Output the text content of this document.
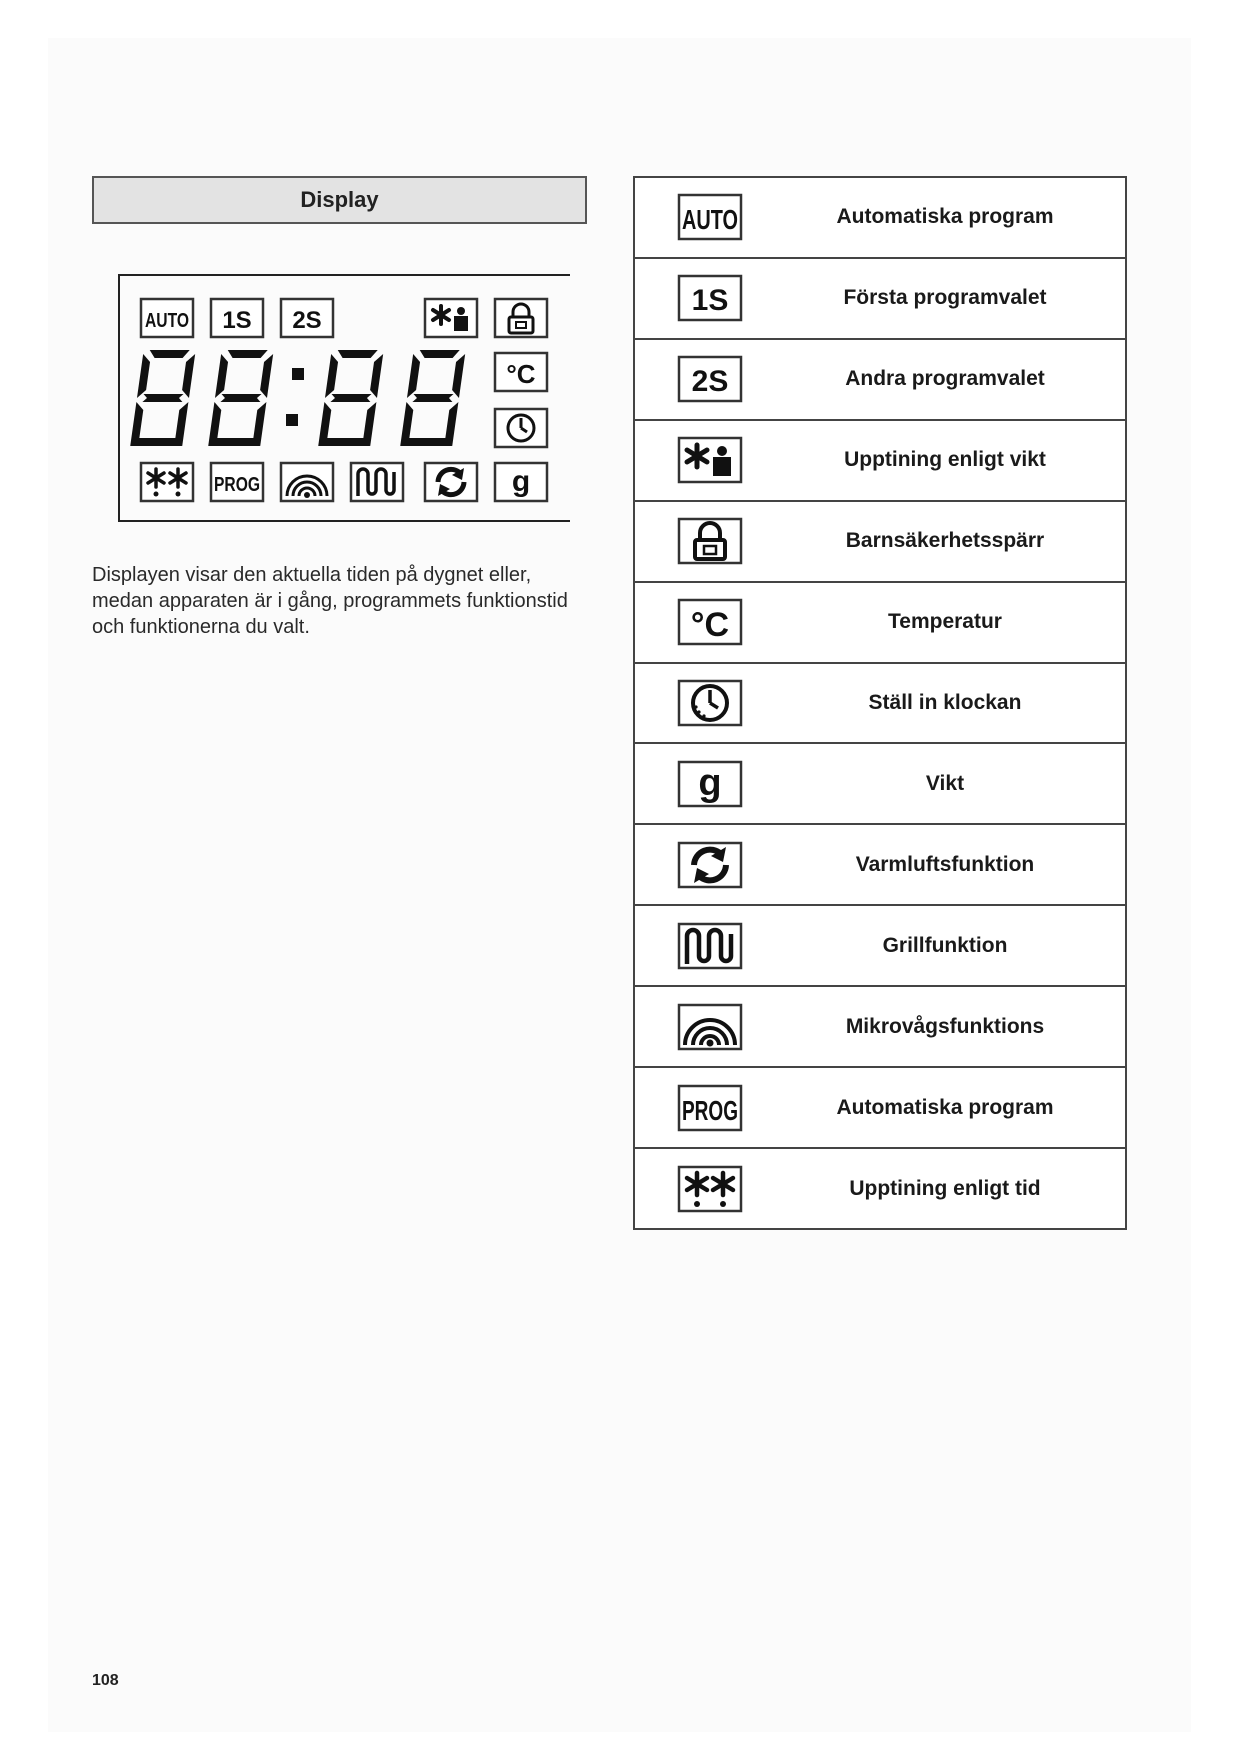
Display
AUTO 1S 2S
°C
PROG	g
Displayen visar den aktuella tiden på dygnet eller, medan apparaten är i gång, programmets funktionstid och funktionerna du valt.
AUTO	Automatiska program
1S	Första programvalet
2S	Andra programvalet
Upptining enligt vikt
Barnsäkerhetsspärr
°C	Temperatur
Ställ in klockan
g	Vikt
Varmluftsfunktion
Grillfunktion
Mikrovågsfunktions
PROG	Automatiska program
Upptining enligt tid
108
